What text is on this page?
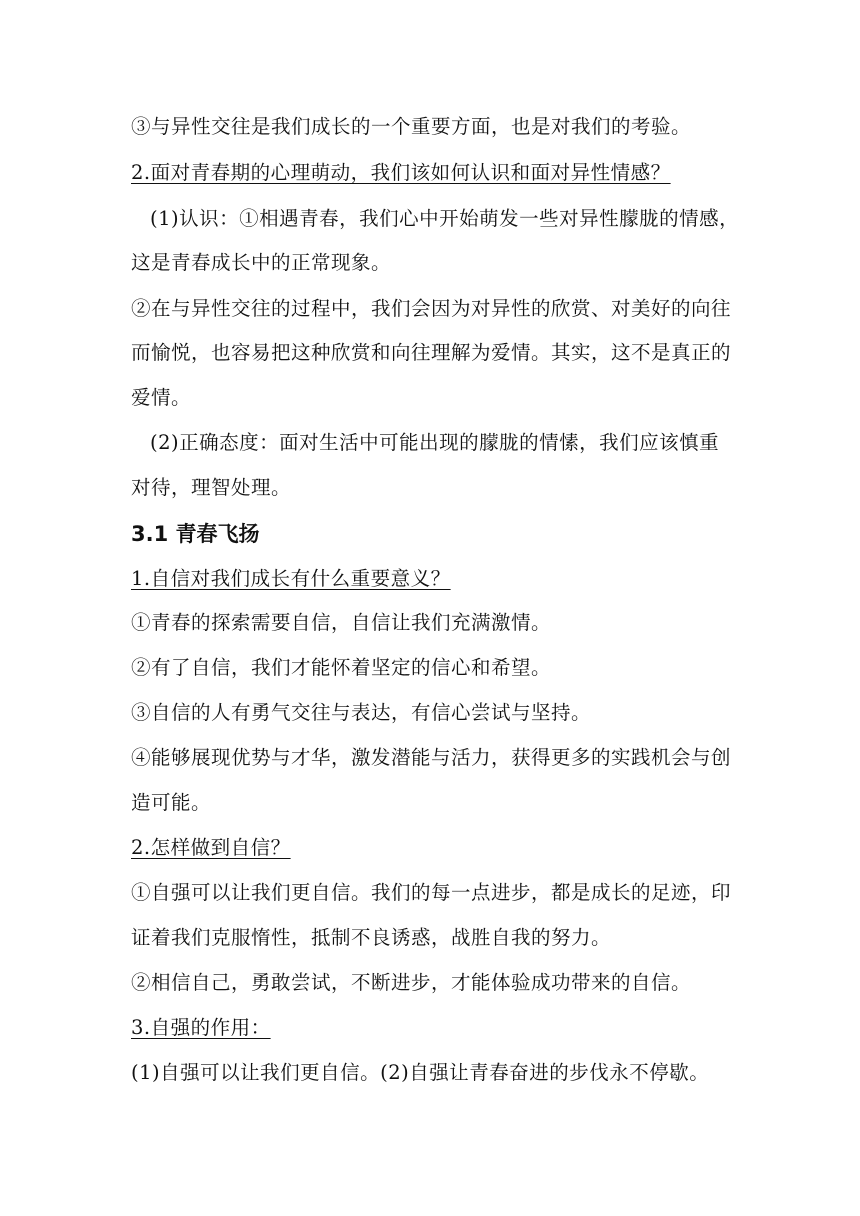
③与异性交往是我们成长的一个重要方面，也是对我们的考验。
2.面对青春期的心理萌动，我们该如何认识和面对异性情感？
(1)认识：①相遇青春，我们心中开始萌发一些对异性朦胧的情感，
这是青春成长中的正常现象。
②在与异性交往的过程中，我们会因为对异性的欣赏、对美好的向往
而愉悦，也容易把这种欣赏和向往理解为爱情。其实，这不是真正的
爱情。
(2)正确态度：面对生活中可能出现的朦胧的情愫，我们应该慎重
对待，理智处理。
3.1 青春飞扬
1.自信对我们成长有什么重要意义？
①青春的探索需要自信，自信让我们充满激情。
②有了自信，我们才能怀着坚定的信心和希望。
③自信的人有勇气交往与表达，有信心尝试与坚持。
④能够展现优势与才华，激发潜能与活力，获得更多的实践机会与创
造可能。
2.怎样做到自信？
①自强可以让我们更自信。我们的每一点进步，都是成长的足迹，印
证着我们克服惰性，抵制不良诱惑，战胜自我的努力。
②相信自己，勇敢尝试，不断进步，才能体验成功带来的自信。
3.自强的作用：
(1)自强可以让我们更自信。(2)自强让青春奋进的步伐永不停歇。
